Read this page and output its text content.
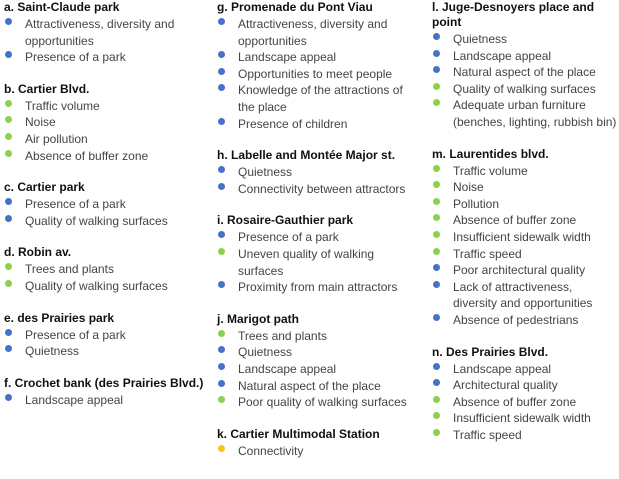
a. Saint-Claude park
Attractiveness, diversity and opportunities
Presence of a park
b. Cartier Blvd.
Traffic volume
Noise
Air pollution
Absence of buffer zone
c. Cartier park
Presence of a park
Quality of walking surfaces
d. Robin av.
Trees and plants
Quality of walking surfaces
e. des Prairies park
Presence of a park
Quietness
f. Crochet bank (des Prairies Blvd.)
Landscape appeal
g. Promenade du Pont Viau
Attractiveness, diversity and opportunities
Landscape appeal
Opportunities to meet people
Knowledge of the attractions of the place
Presence of children
h. Labelle and Montée Major st.
Quietness
Connectivity between attractors
i. Rosaire-Gauthier park
Presence of a park
Uneven quality of walking surfaces
Proximity from main attractors
j. Marigot path
Trees and plants
Quietness
Landscape appeal
Natural aspect of the place
Poor quality of walking surfaces
k. Cartier Multimodal Station
Connectivity
l. Juge-Desnoyers place and point
Quietness
Landscape appeal
Natural aspect of the place
Quality of walking surfaces
Adequate urban furniture (benches, lighting, rubbish bin)
m. Laurentides blvd.
Traffic volume
Noise
Pollution
Absence of buffer zone
Insufficient sidewalk width
Traffic speed
Poor architectural quality
Lack of attractiveness, diversity and opportunities
Absence of pedestrians
n. Des Prairies Blvd.
Landscape appeal
Architectural quality
Absence of buffer zone
Insufficient sidewalk width
Traffic speed
